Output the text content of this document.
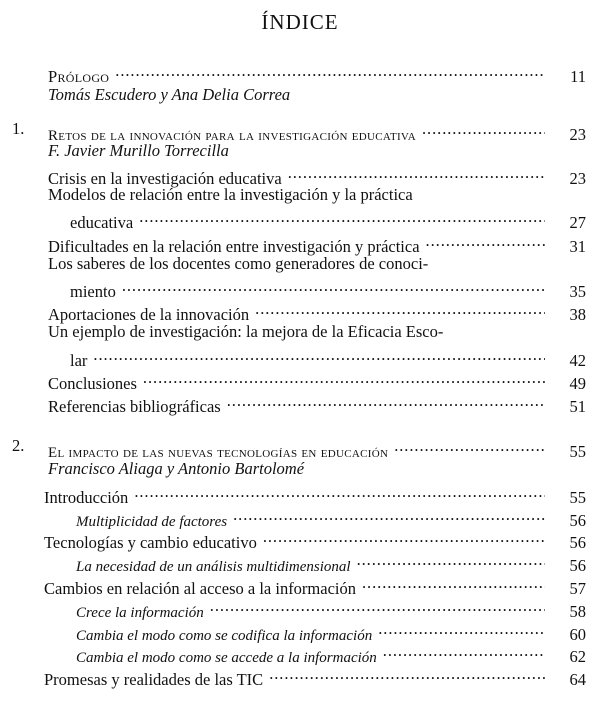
ÍNDICE
Prólogo . . .	11
Tomás Escudero y Ana Delia Correa
1. Retos de la innovación para la investigación educativa . . .	23
F. Javier Murillo Torrecilla
Crisis en la investigación educativa . . .	23
Modelos de relación entre la investigación y la práctica
educativa . . .	27
Dificultades en la relación entre investigación y práctica . . .	31
Los saberes de los docentes como generadores de conoci-
miento . . .	35
Aportaciones de la innovación . . .	38
Un ejemplo de investigación: la mejora de la Eficacia Esco-
lar . . .	42
Conclusiones . . .	49
Referencias bibliográficas . . .	51
2. El impacto de las nuevas tecnologías en educación . . .	55
Francisco Aliaga y Antonio Bartolomé
Introducción . . .	55
Multiplicidad de factores . . .	56
Tecnologías y cambio educativo . . .	56
La necesidad de un análisis multidimensional . . .	56
Cambios en relación al acceso a la información . . .	57
Crece la información . . .	58
Cambia el modo como se codifica la información . . .	60
Cambia el modo como se accede a la información . . .	62
Promesas y realidades de las TIC . . .	64
